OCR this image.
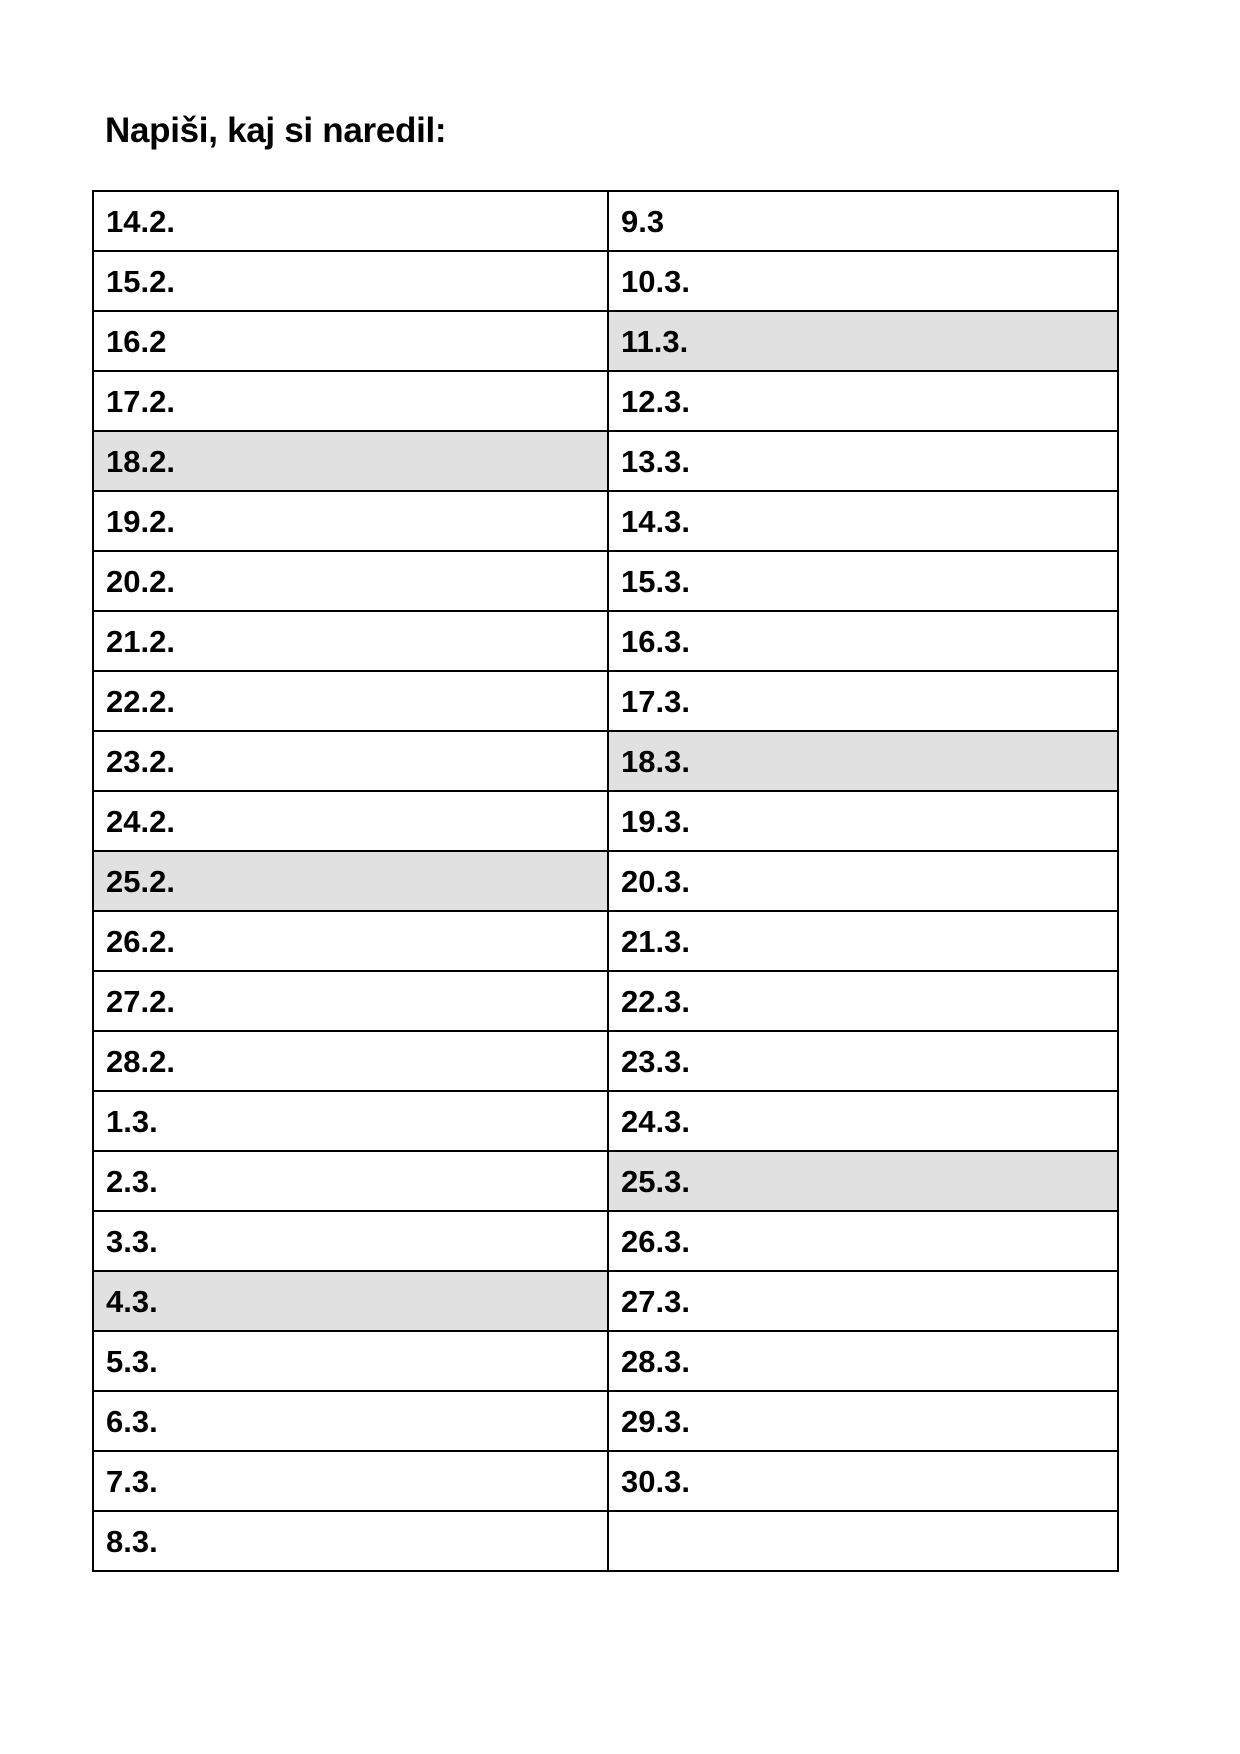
Napiši, kaj si naredil:
14.2.	9.3
15.2.	10.3.
16.2	11.3.
17.2.	12.3.
18.2.	13.3.
19.2.	14.3.
20.2.	15.3.
21.2.	16.3.
22.2.	17.3.
23.2.	18.3.
24.2.	19.3.
25.2.	20.3.
26.2.	21.3.
27.2.	22.3.
28.2.	23.3.
1.3.	24.3.
2.3.	25.3.
3.3.	26.3.
4.3.	27.3.
5.3.	28.3.
6.3.	29.3.
7.3.	30.3.
8.3.	
